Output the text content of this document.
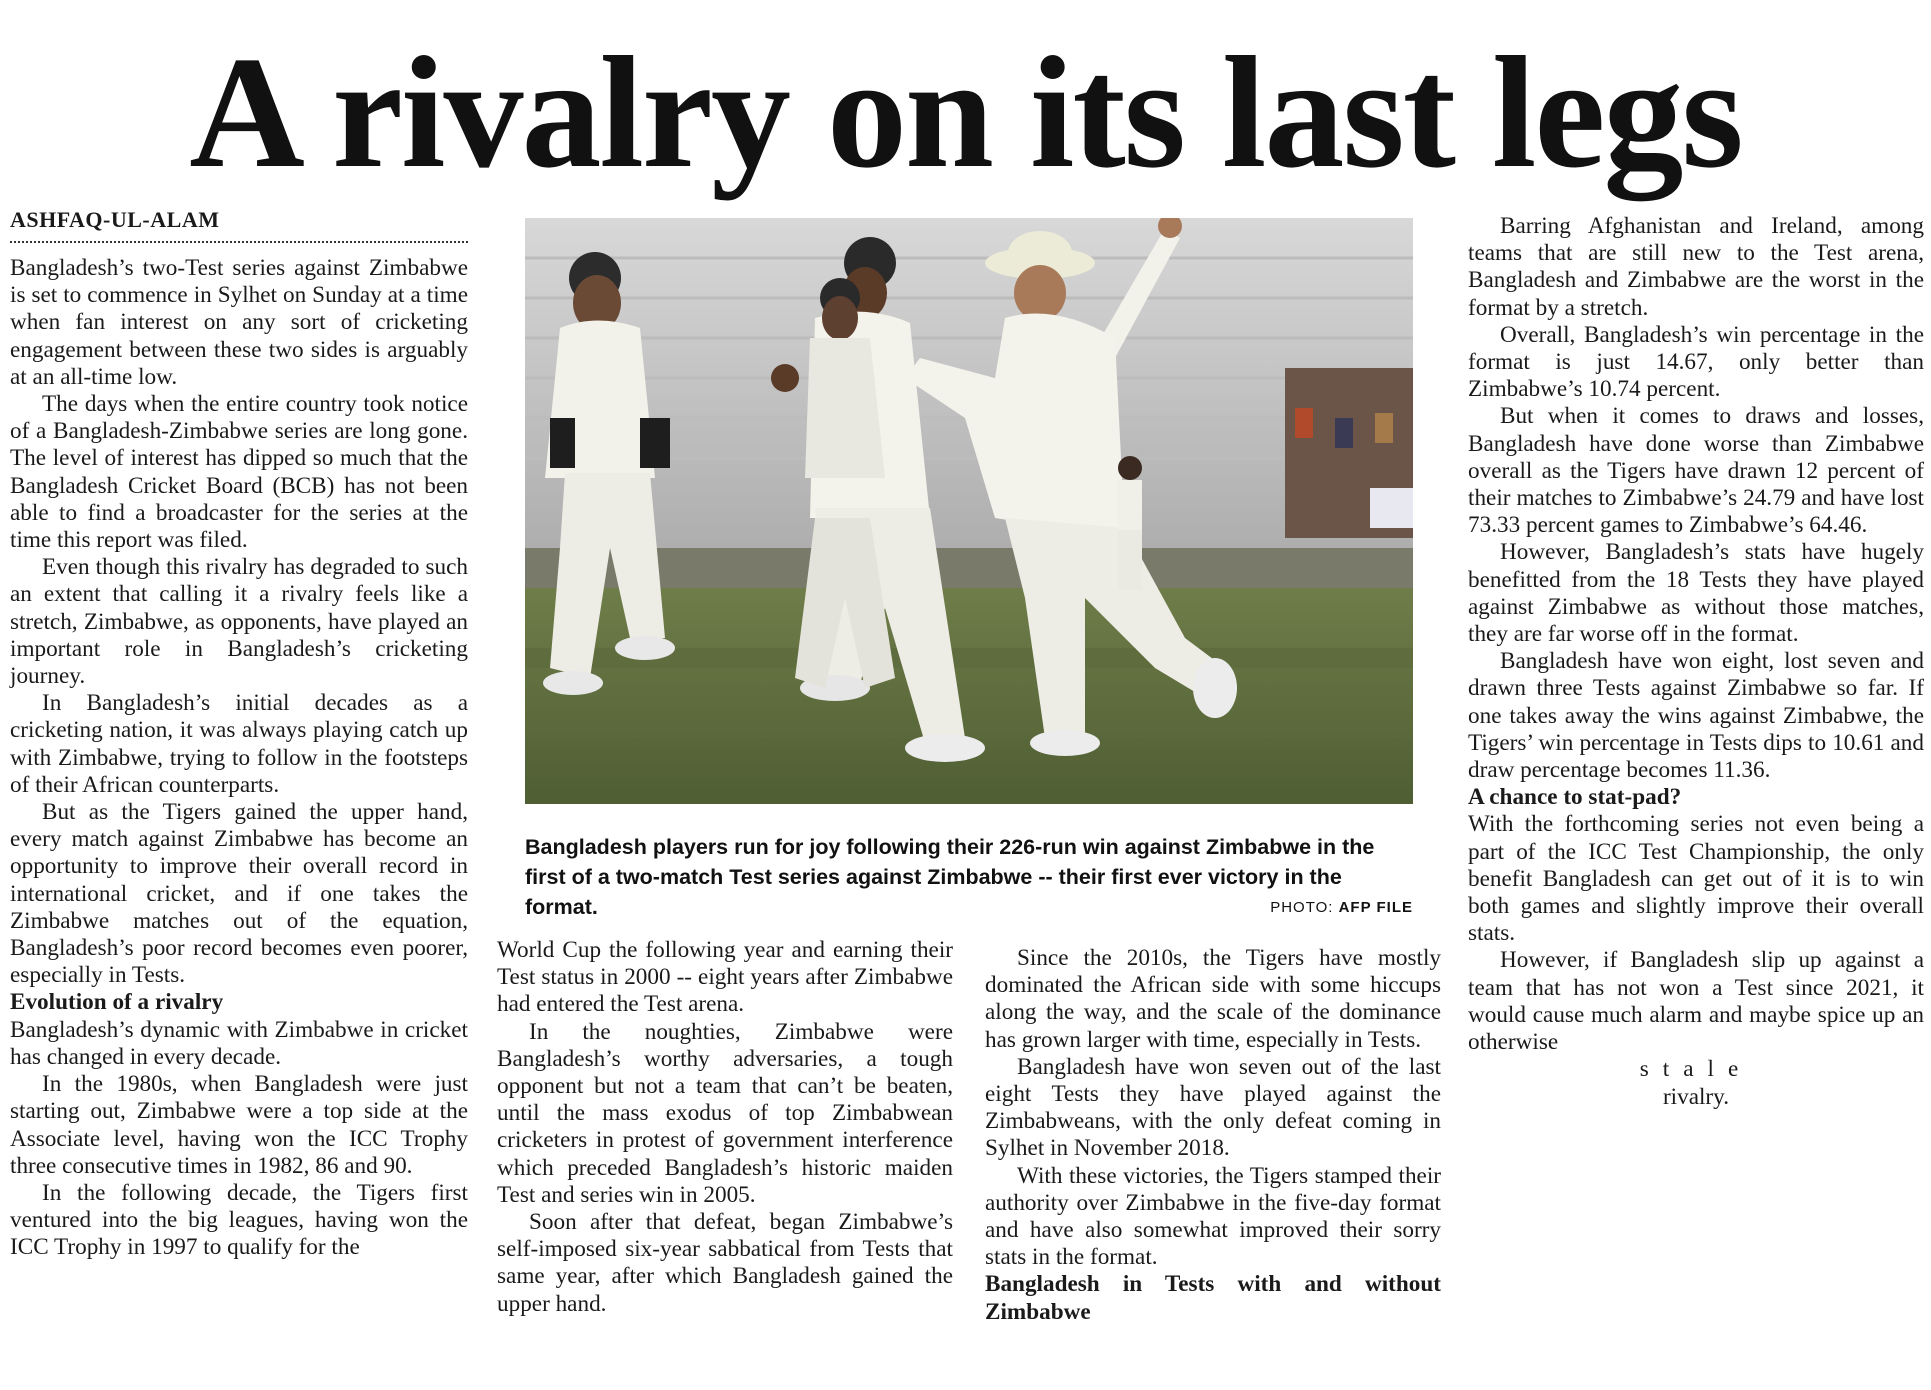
A rivalry on its last legs
ASHFAQ-UL-ALAM

Bangladesh’s two-Test series against Zimbabwe is set to commence in Sylhet on Sunday at a time when fan interest on any sort of cricketing engagement between these two sides is arguably at an all-time low.

The days when the entire country took notice of a Bangladesh-Zimbabwe series are long gone. The level of interest has dipped so much that the Bangladesh Cricket Board (BCB) has not been able to find a broadcaster for the series at the time this report was filed.

Even though this rivalry has degraded to such an extent that calling it a rivalry feels like a stretch, Zimbabwe, as opponents, have played an important role in Bangladesh’s cricketing journey.

In Bangladesh’s initial decades as a cricketing nation, it was always playing catch up with Zimbabwe, trying to follow in the footsteps of their African counterparts.

But as the Tigers gained the upper hand, every match against Zimbabwe has become an opportunity to improve their overall record in international cricket, and if one takes the Zimbabwe matches out of the equation, Bangladesh’s poor record becomes even poorer, especially in Tests.

Evolution of a rivalry

Bangladesh’s dynamic with Zimbabwe in cricket has changed in every decade.

In the 1980s, when Bangladesh were just starting out, Zimbabwe were a top side at the Associate level, having won the ICC Trophy three consecutive times in 1982, 86 and 90.

In the following decade, the Tigers first ventured into the big leagues, having won the ICC Trophy in 1997 to qualify for the

Bangladesh players run for joy following their 226-run win against Zimbabwe in the first of a two-match Test series against Zimbabwe -- their first ever victory in the format.	PHOTO: AFP FILE

World Cup the following year and earning their Test status in 2000 -- eight years after Zimbabwe had entered the Test arena.

In the noughties, Zimbabwe were Bangladesh’s worthy adversaries, a tough opponent but not a team that can’t be beaten, until the mass exodus of top Zimbabwean cricketers in protest of government interference which preceded Bangladesh’s historic maiden Test and series win in 2005.

Soon after that defeat, began Zimbabwe’s self-imposed six-year sabbatical from Tests that same year, after which Bangladesh gained the upper hand.

Since the 2010s, the Tigers have mostly dominated the African side with some hiccups along the way, and the scale of the dominance has grown larger with time, especially in Tests.

Bangladesh have won seven out of the last eight Tests they have played against the Zimbabweans, with the only defeat coming in Sylhet in November 2018.

With these victories, the Tigers stamped their authority over Zimbabwe in the five-day format and have also somewhat improved their sorry stats in the format.

Bangladesh in Tests with and without Zimbabwe

Barring Afghanistan and Ireland, among teams that are still new to the Test arena, Bangladesh and Zimbabwe are the worst in the format by a stretch.

Overall, Bangladesh’s win percentage in the format is just 14.67, only better than Zimbabwe’s 10.74 percent.

But when it comes to draws and losses, Bangladesh have done worse than Zimbabwe overall as the Tigers have drawn 12 percent of their matches to Zimbabwe’s 24.79 and have lost 73.33 percent games to Zimbabwe’s 64.46.

However, Bangladesh’s stats have hugely benefitted from the 18 Tests they have played against Zimbabwe as without those matches, they are far worse off in the format.

Bangladesh have won eight, lost seven and drawn three Tests against Zimbabwe so far. If one takes away the wins against Zimbabwe, the Tigers’ win percentage in Tests dips to 10.61 and draw percentage becomes 11.36.

A chance to stat-pad?

With the forthcoming series not even being a part of the ICC Test Championship, the only benefit Bangladesh can get out of it is to win both games and slightly improve their overall stats.

However, if Bangladesh slip up against a team that has not won a Test since 2021, it would cause much alarm and maybe spice up an otherwise

stale
rivalry.
